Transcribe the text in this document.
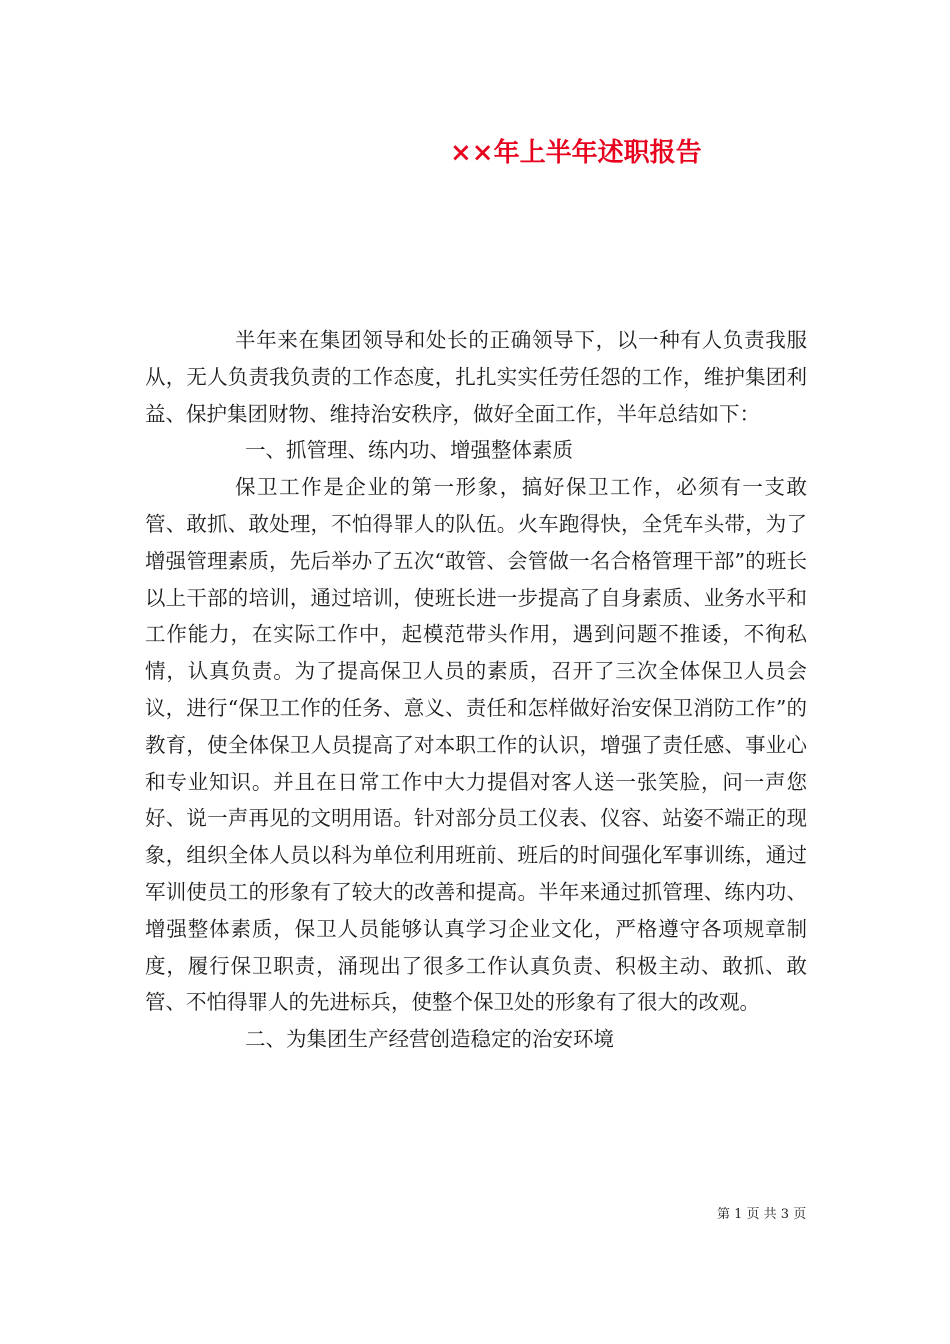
××年上半年述职报告

半年来在集团领导和处长的正确领导下，以一种有人负责我服从，无人负责我负责的工作态度，扎扎实实任劳任怨的工作，维护集团利益、保护集团财物、维持治安秩序，做好全面工作，半年总结如下：

一、抓管理、练内功、增强整体素质

保卫工作是企业的第一形象，搞好保卫工作，必须有一支敢管、敢抓、敢处理，不怕得罪人的队伍。火车跑得快，全凭车头带，为了增强管理素质，先后举办了五次“敢管、会管做一名合格管理干部”的班长以上干部的培训，通过培训，使班长进一步提高了自身素质、业务水平和工作能力，在实际工作中，起模范带头作用，遇到问题不推诿，不徇私情，认真负责。为了提高保卫人员的素质，召开了三次全体保卫人员会议，进行“保卫工作的任务、意义、责任和怎样做好治安保卫消防工作”的教育，使全体保卫人员提高了对本职工作的认识，增强了责任感、事业心和专业知识。并且在日常工作中大力提倡对客人送一张笑脸，问一声您好、说一声再见的文明用语。针对部分员工仪表、仪容、站姿不端正的现象，组织全体人员以科为单位利用班前、班后的时间强化军事训练，通过军训使员工的形象有了较大的改善和提高。半年来通过抓管理、练内功、增强整体素质，保卫人员能够认真学习企业文化，严格遵守各项规章制度，履行保卫职责，涌现出了很多工作认真负责、积极主动、敢抓、敢管、不怕得罪人的先进标兵，使整个保卫处的形象有了很大的改观。

二、为集团生产经营创造稳定的治安环境

第 1 页 共 3 页
